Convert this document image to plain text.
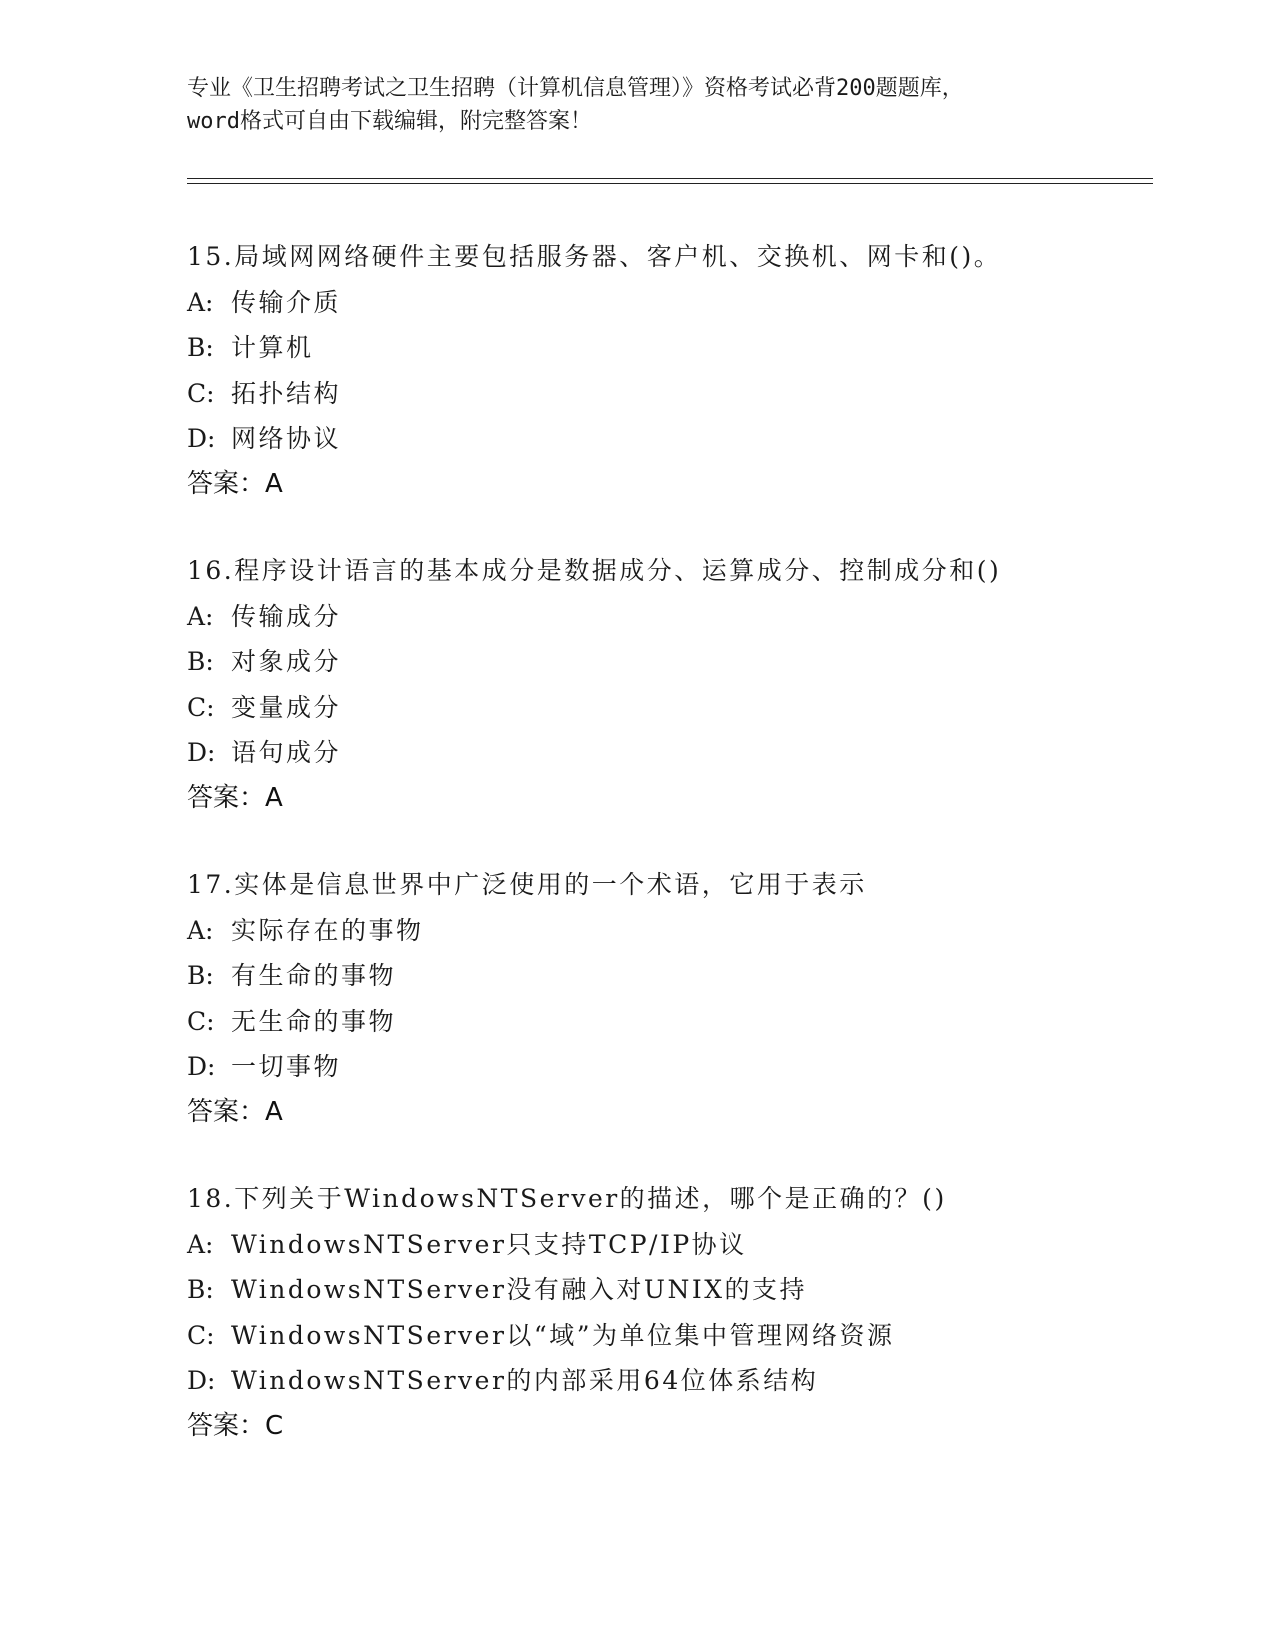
专业《卫生招聘考试之卫生招聘（计算机信息管理）》资格考试必背200题题库，
word格式可自由下载编辑，附完整答案！
15.局域网网络硬件主要包括服务器、客户机、交换机、网卡和()。
A: 传输介质
B: 计算机
C: 拓扑结构
D: 网络协议
答案：A
16.程序设计语言的基本成分是数据成分、运算成分、控制成分和()
A: 传输成分
B: 对象成分
C: 变量成分
D: 语句成分
答案：A
17.实体是信息世界中广泛使用的一个术语，它用于表示
A: 实际存在的事物
B: 有生命的事物
C: 无生命的事物
D: 一切事物
答案：A
18.下列关于WindowsNTServer的描述，哪个是正确的？()
A: WindowsNTServer只支持TCP/IP协议
B: WindowsNTServer没有融入对UNIX的支持
C: WindowsNTServer以“域”为单位集中管理网络资源
D: WindowsNTServer的内部采用64位体系结构
答案：C
